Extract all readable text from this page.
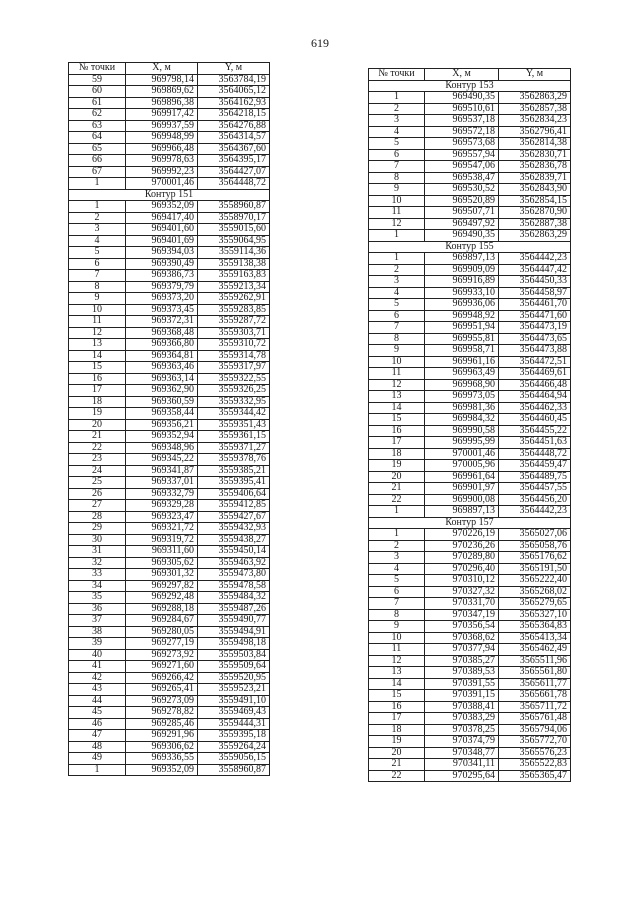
619
№ точки	X, м	Y, м
59	969798,14	3563784,19
60	969869,62	3564065,12
61	969896,38	3564162,93
62	969917,42	3564218,15
63	969937,59	3564276,88
64	969948,99	3564314,57
65	969966,48	3564367,60
66	969978,63	3564395,17
67	969992,23	3564427,07
1	970001,46	3564448,72
Контур 151		
1	969352,09	3558960,87
2	969417,40	3558970,17
3	969401,60	3559015,60
4	969401,69	3559064,95
5	969394,03	3559114,36
6	969390,49	3559138,38
7	969386,73	3559163,83
8	969379,79	3559213,34
9	969373,20	3559262,91
10	969373,45	3559283,85
11	969372,31	3559287,72
12	969368,48	3559303,71
13	969366,80	3559310,72
14	969364,81	3559314,78
15	969363,46	3559317,97
16	969363,14	3559322,55
17	969362,90	3559326,25
18	969360,59	3559332,95
19	969358,44	3559344,42
20	969356,21	3559351,43
21	969352,94	3559361,15
22	969348,96	3559371,27
23	969345,22	3559378,76
24	969341,87	3559385,21
25	969337,01	3559395,41
26	969332,79	3559406,64
27	969329,28	3559412,85
28	969323,47	3559427,67
29	969321,72	3559432,93
30	969319,72	3559438,27
31	969311,60	3559450,14
32	969305,62	3559463,92
33	969301,32	3559473,80
34	969297,82	3559478,58
35	969292,48	3559484,32
36	969288,18	3559487,26
37	969284,67	3559490,77
38	969280,05	3559494,91
39	969277,19	3559498,18
40	969273,92	3559503,84
41	969271,60	3559509,64
42	969266,42	3559520,95
43	969265,41	3559523,21
44	969273,09	3559491,10
45	969278,82	3559469,43
46	969285,46	3559444,31
47	969291,96	3559395,18
48	969306,62	3559264,24
49	969336,55	3559056,15
1	969352,09	3558960,87
№ точки	X, м	Y, м
Контур 153		
1	969490,35	3562863,29
2	969510,61	3562857,38
3	969537,18	3562834,23
4	969572,18	3562796,41
5	969573,68	3562814,38
6	969557,94	3562830,71
7	969547,06	3562836,78
8	969538,47	3562839,71
9	969530,52	3562843,90
10	969520,89	3562854,15
11	969507,71	3562870,90
12	969497,92	3562887,38
1	969490,35	3562863,29
Контур 155		
1	969897,13	3564442,23
2	969909,09	3564447,42
3	969916,89	3564450,33
4	969933,10	3564458,97
5	969936,06	3564461,70
6	969948,92	3564471,60
7	969951,94	3564473,19
8	969955,81	3564473,65
9	969958,71	3564473,88
10	969961,16	3564472,51
11	969963,49	3564469,61
12	969968,90	3564466,48
13	969973,05	3564464,94
14	969981,36	3564462,33
15	969984,32	3564460,45
16	969990,58	3564455,22
17	969995,99	3564451,63
18	970001,46	3564448,72
19	970005,96	3564459,47
20	969961,64	3564489,75
21	969901,97	3564457,55
22	969900,08	3564456,20
1	969897,13	3564442,23
Контур 157		
1	970226,19	3565027,06
2	970236,26	3565058,76
3	970289,80	3565176,62
4	970296,40	3565191,50
5	970310,12	3565222,40
6	970327,32	3565268,02
7	970331,70	3565279,65
8	970347,19	3565327,10
9	970356,54	3565364,83
10	970368,62	3565413,34
11	970377,94	3565462,49
12	970385,27	3565511,96
13	970389,53	3565561,80
14	970391,55	3565611,77
15	970391,15	3565661,78
16	970388,41	3565711,72
17	970383,29	3565761,48
18	970378,25	3565794,06
19	970374,79	3565772,70
20	970348,77	3565576,23
21	970341,11	3565522,83
22	970295,64	3565365,47
